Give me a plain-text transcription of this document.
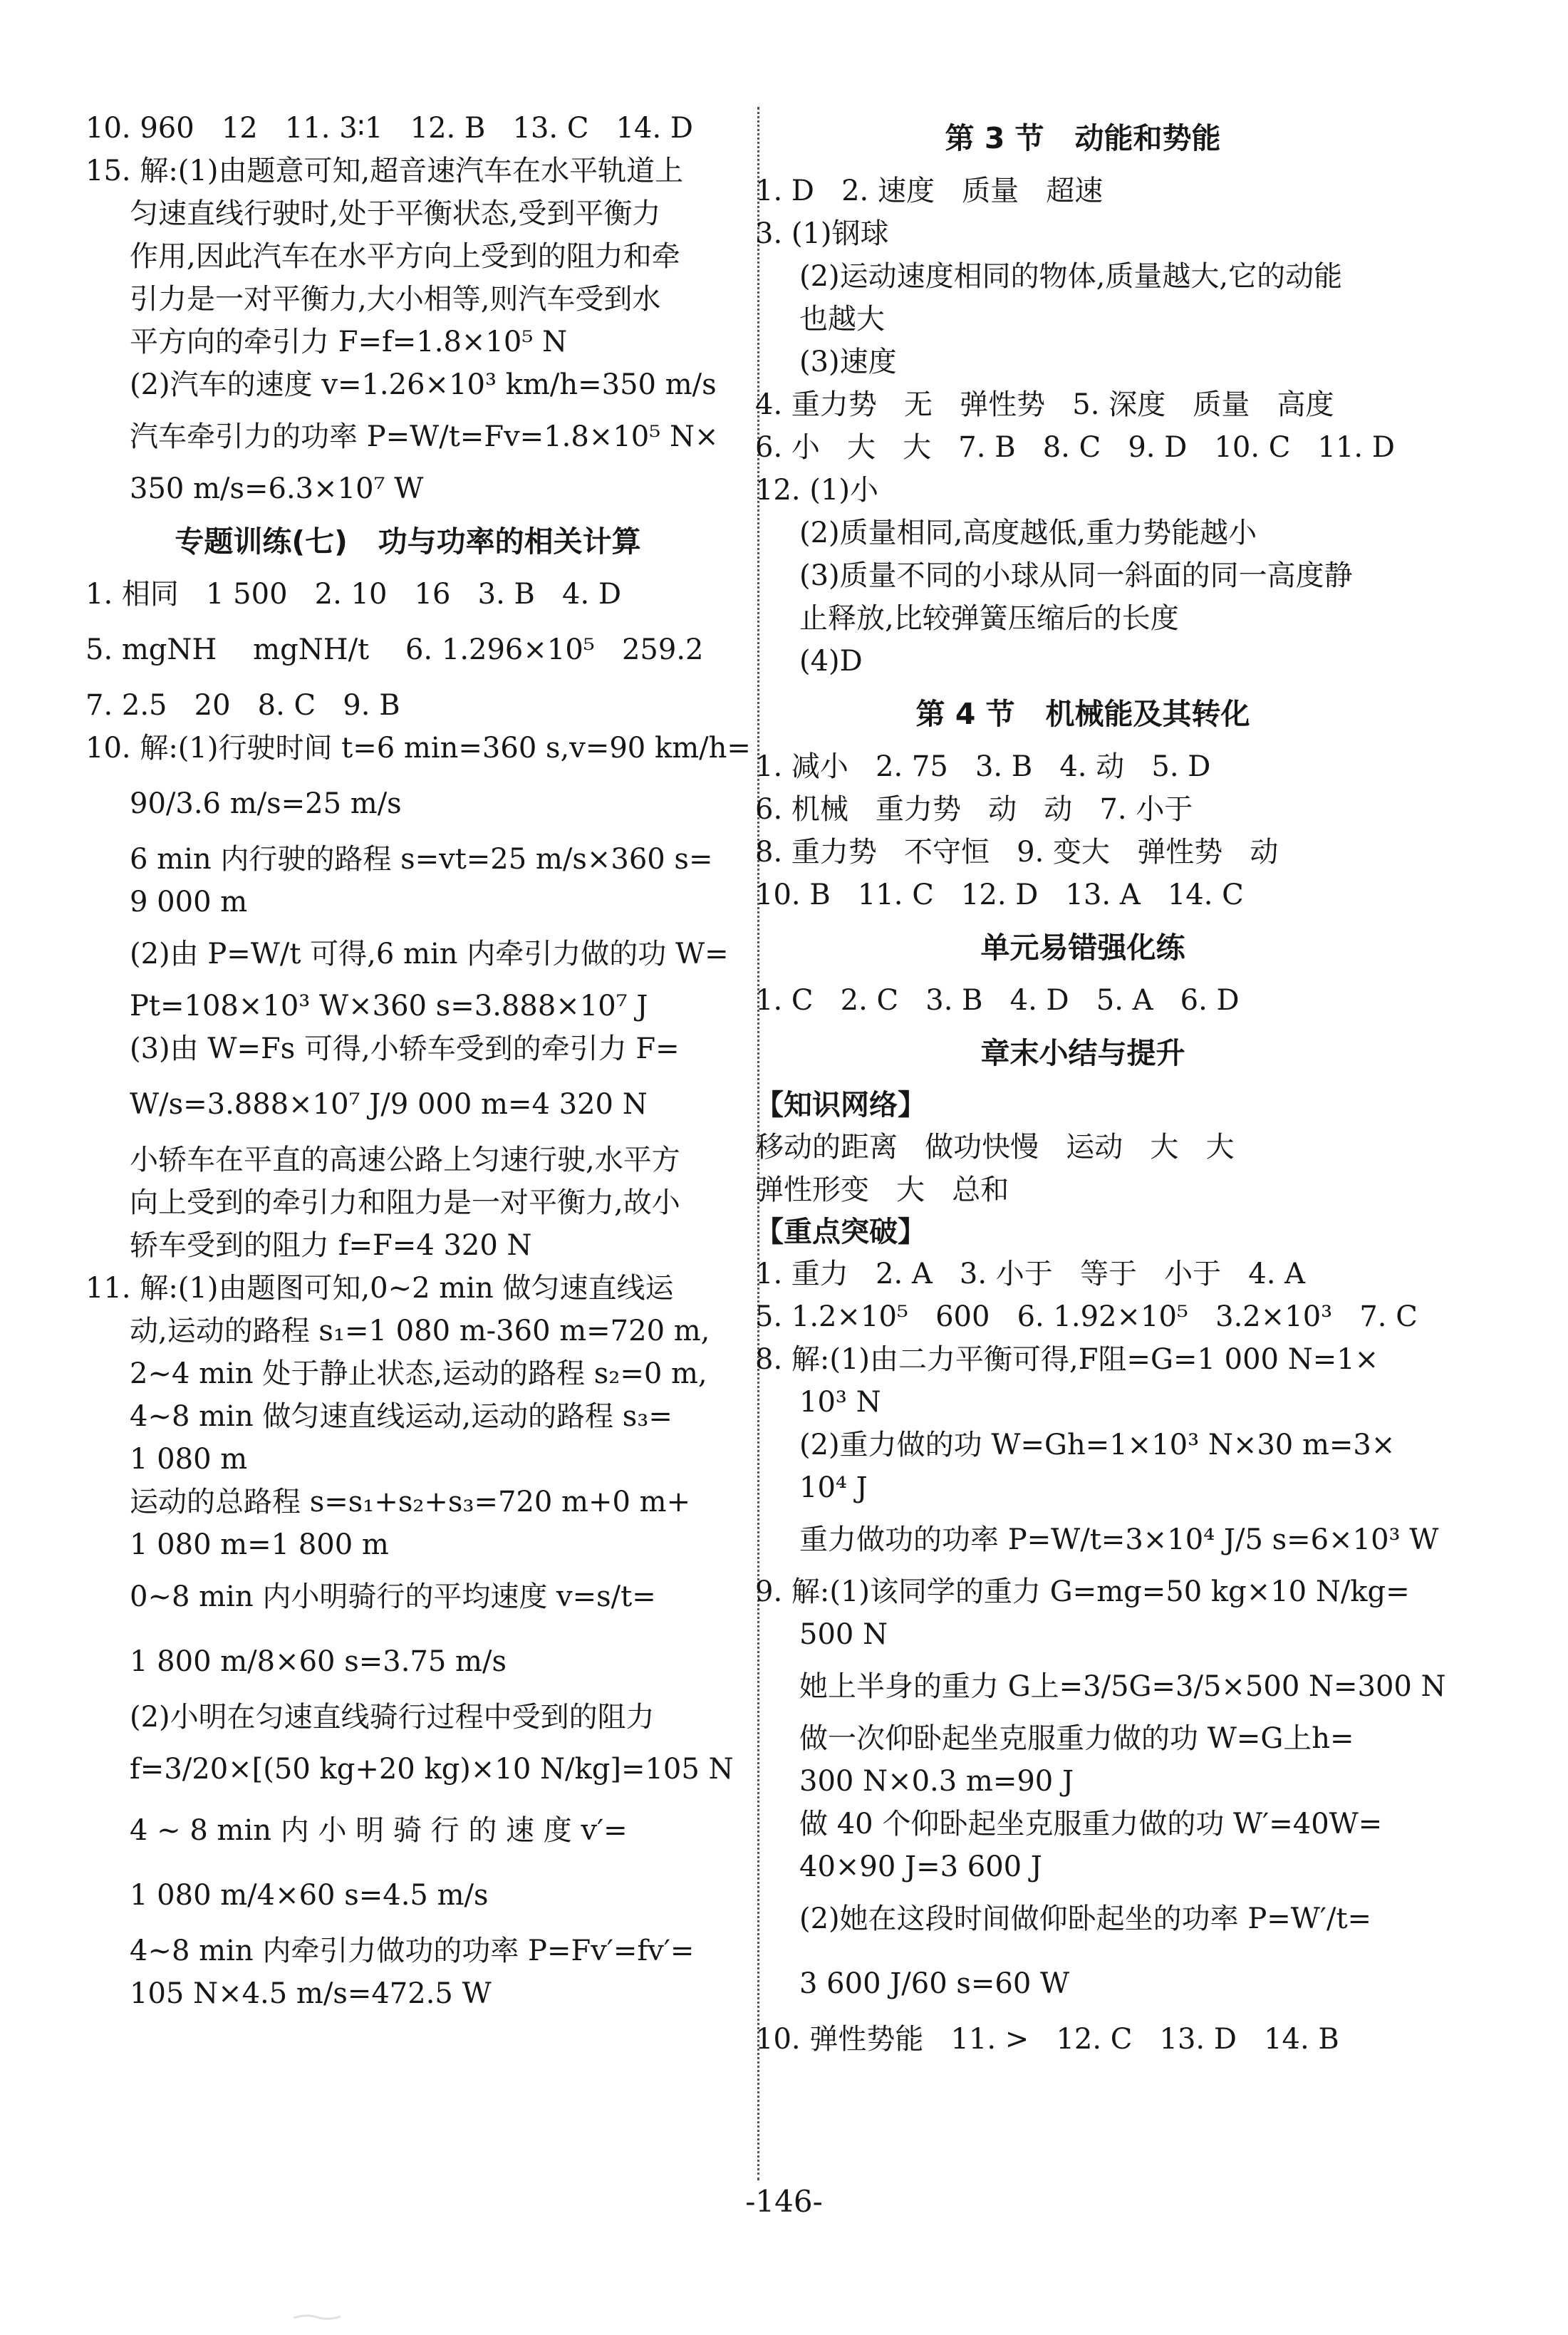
10. 960   12   11. 3∶1   12. B   13. C   14. D
15. 解:(1)由题意可知,超音速汽车在水平轨道上
匀速直线行驶时,处于平衡状态,受到平衡力
作用,因此汽车在水平方向上受到的阻力和牵
引力是一对平衡力,大小相等,则汽车受到水
平方向的牵引力 F=f=1.8×10⁵ N
(2)汽车的速度 v=1.26×10³ km/h=350 m/s
汽车牵引力的功率 P=W/t=Fv=1.8×10⁵ N×
350 m/s=6.3×10⁷ W
专题训练(七)   功与功率的相关计算
1. 相同   1 500   2. 10   16   3. B   4. D
5. mgNH    mgNH/t    6. 1.296×10⁵   259.2
7. 2.5   20   8. C   9. B
10. 解:(1)行驶时间 t=6 min=360 s,v=90 km/h=
90/3.6 m/s=25 m/s
6 min 内行驶的路程 s=vt=25 m/s×360 s=
9 000 m
(2)由 P=W/t 可得,6 min 内牵引力做的功 W=
Pt=108×10³ W×360 s=3.888×10⁷ J
(3)由 W=Fs 可得,小轿车受到的牵引力 F=
W/s=3.888×10⁷ J/9 000 m=4 320 N
小轿车在平直的高速公路上匀速行驶,水平方
向上受到的牵引力和阻力是一对平衡力,故小
轿车受到的阻力 f=F=4 320 N
11. 解:(1)由题图可知,0~2 min 做匀速直线运
动,运动的路程 s₁=1 080 m-360 m=720 m,
2~4 min 处于静止状态,运动的路程 s₂=0 m,
4~8 min 做匀速直线运动,运动的路程 s₃=
1 080 m
运动的总路程 s=s₁+s₂+s₃=720 m+0 m+
1 080 m=1 800 m
0~8 min 内小明骑行的平均速度 v=s/t=
1 800 m/8×60 s=3.75 m/s
(2)小明在匀速直线骑行过程中受到的阻力
f=3/20×[(50 kg+20 kg)×10 N/kg]=105 N
4 ~ 8 min 内 小 明 骑 行 的 速 度 v′=
1 080 m/4×60 s=4.5 m/s
4~8 min 内牵引力做功的功率 P=Fv′=fv′=
105 N×4.5 m/s=472.5 W
第 3 节   动能和势能
1. D   2. 速度   质量   超速
3. (1)钢球
(2)运动速度相同的物体,质量越大,它的动能
也越大
(3)速度
4. 重力势   无   弹性势   5. 深度   质量   高度
6. 小   大   大   7. B   8. C   9. D   10. C   11. D
12. (1)小
(2)质量相同,高度越低,重力势能越小
(3)质量不同的小球从同一斜面的同一高度静
止释放,比较弹簧压缩后的长度
(4)D
第 4 节   机械能及其转化
1. 减小   2. 75   3. B   4. 动   5. D
6. 机械   重力势   动   动   7. 小于
8. 重力势   不守恒   9. 变大   弹性势   动
10. B   11. C   12. D   13. A   14. C
单元易错强化练
1. C   2. C   3. B   4. D   5. A   6. D
章末小结与提升
【知识网络】
移动的距离   做功快慢   运动   大   大
弹性形变   大   总和
【重点突破】
1. 重力   2. A   3. 小于   等于   小于   4. A
5. 1.2×10⁵   600   6. 1.92×10⁵   3.2×10³   7. C
8. 解:(1)由二力平衡可得,F阻=G=1 000 N=1×
10³ N
(2)重力做的功 W=Gh=1×10³ N×30 m=3×
10⁴ J
重力做功的功率 P=W/t=3×10⁴ J/5 s=6×10³ W
9. 解:(1)该同学的重力 G=mg=50 kg×10 N/kg=
500 N
她上半身的重力 G上=3/5G=3/5×500 N=300 N
做一次仰卧起坐克服重力做的功 W=G上h=
300 N×0.3 m=90 J
做 40 个仰卧起坐克服重力做的功 W′=40W=
40×90 J=3 600 J
(2)她在这段时间做仰卧起坐的功率 P=W′/t=
3 600 J/60 s=60 W
10. 弹性势能   11. >   12. C   13. D   14. B
-146-
